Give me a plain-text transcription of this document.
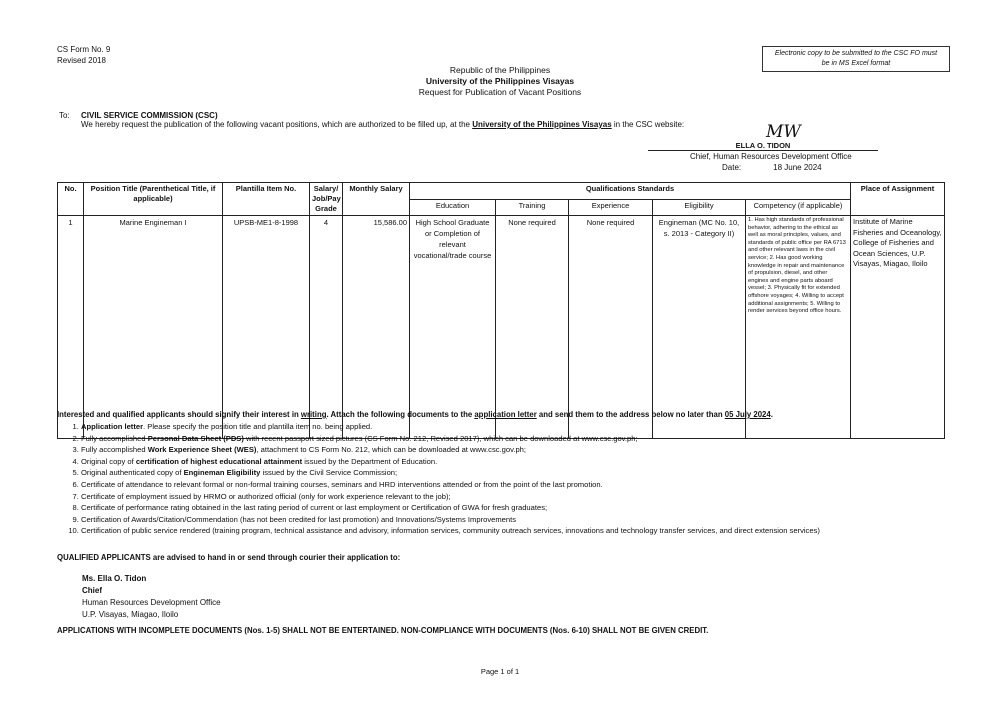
CS Form No. 9
Revised 2018
Electronic copy to be submitted to the CSC FO must
be in MS Excel format
Republic of the Philippines
University of the Philippines Visayas
Request for Publication of Vacant Positions
To: CIVIL SERVICE COMMISSION (CSC)
We hereby request the publication of the following vacant positions, which are authorized to be filled up, at the University of the Philippines Visayas in the CSC website:	MW
ELLA O. TIDON
Chief, Human Resources Development Office
Date:	18 June 2024
No.	Position Title (Parenthetical Title, if applicable)	Plantilla Item No.	Salary/ Job/Pay Grade	Monthly Salary	Qualifications Standards					Place of Assignment
					Education	Training	Experience	Eligibility	Competency (if applicable)	
1	Marine Engineman I	UPSB-ME1-8-1998	4	15,586.00	High School Graduate or Completion of relevant vocational/trade course	None required	None required	Engineman (MC No. 10, s. 2013 - Category II)	1. Has high standards of professional behavior, adhering to the ethical as well as moral principles, values, and standards of public office per RA 6713 and other relevant laws in the civil service; 2. Has good working knowledge in repair and maintenance of propulsion, diesel, and other engines and engine parts aboard vessel; 3. Physically fit for extended offshore voyages; 4. Willing to accept additional assignments; 5. Willing to render services beyond office hours.	Institute of Marine Fisheries and Oceanology, College of Fisheries and Ocean Sciences, U.P. Visayas, Miagao, Iloilo
Interested and qualified applicants should signify their interest in writing. Attach the following documents to the application letter and send them to the address below no later than 05 July 2024.
1. Application letter. Please specify the position title and plantilla item no. being applied.
2. Fully accomplished Personal Data Sheet (PDS) with recent passport sized pictures (CS Form No. 212, Revised 2017), which can be downloaded at www.csc.gov.ph;
3. Fully accomplished Work Experience Sheet (WES), attachment to CS Form No. 212, which can be downloaded at www.csc.gov.ph;
4. Original copy of certification of highest educational attainment issued by the Department of Education.
5. Original authenticated copy of Engineman Eligibility issued by the Civil Service Commission;
6. Certificate of attendance to relevant formal or non-formal training courses, seminars and HRD interventions attended or from the point of the last promotion.
7. Certificate of employment issued by HRMO or authorized official (only for work experience relevant to the job);
8. Certificate of performance rating obtained in the last rating period of current or last employment or Certification of GWA for fresh graduates;
9. Certification of Awards/Citation/Commendation (has not been credited for last promotion) and Innovations/Systems Improvements
10. Certification of public service rendered (training program, technical assistance and advisory, information services, community outreach services, innovations and technology transfer services, and direct extension services)
QUALIFIED APPLICANTS are advised to hand in or send through courier their application to:
Ms. Ella O. Tidon
Chief
Human Resources Development Office
U.P. Visayas, Miagao, Iloilo
APPLICATIONS WITH INCOMPLETE DOCUMENTS (Nos. 1-5) SHALL NOT BE ENTERTAINED. NON-COMPLIANCE WITH DOCUMENTS (Nos. 6-10) SHALL NOT BE GIVEN CREDIT.
Page 1 of 1
